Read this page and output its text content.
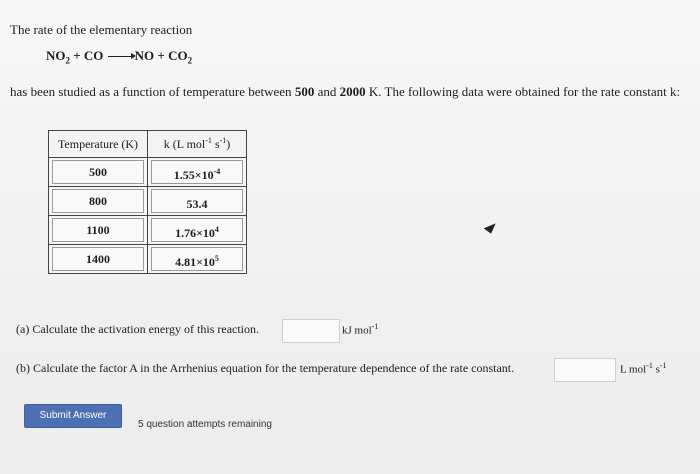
The rate of the elementary reaction
$NO_2$ + CO $\to NO + CO_2$
has been studied as a function of temperature between 500 and 2000 K. The following data were obtained for the rate constant k:
Temperature (K)	k (L mol$^{-1}$ $s^{-1}$)

500	$1.55\times 10^{-4}$

800	53.4

1100	$1.76\times 10^4$

1400	$4.81\times 10^5$
(a) Calculate the activation energy of this reaction.	kJ mol$^{-1}$
(b) Calculate the factor A in the Arrhenius equation for the temperature dependence of the rate constant.	L mol$^{-1}$ $s^{-1}$
Submit Answer
5 question attempts remaining
